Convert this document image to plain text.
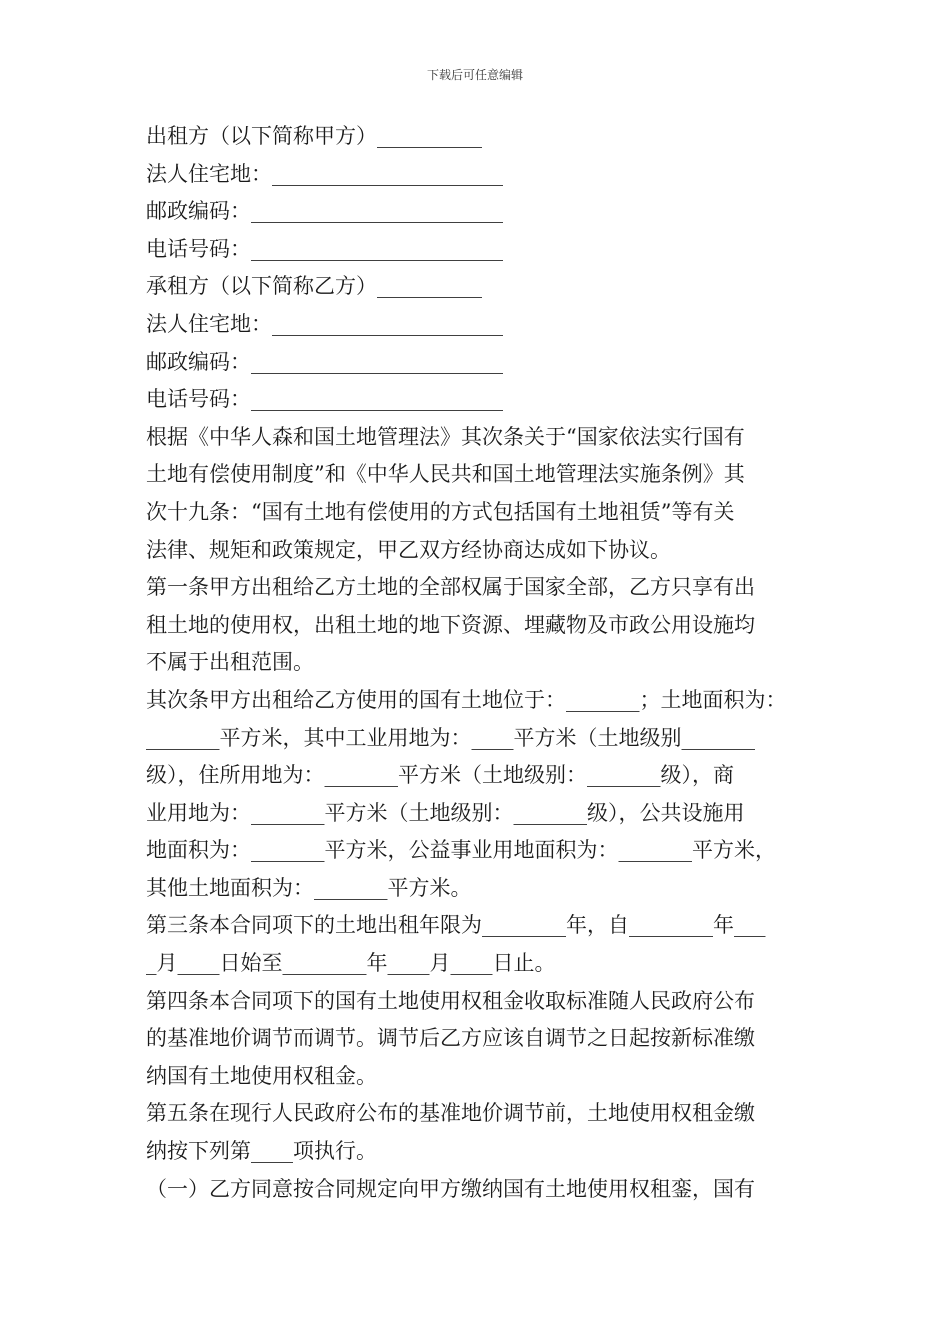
下载后可任意编辑

出租方（以下简称甲方）__________

法人住宅地：______________________

邮政编码：________________________

电话号码：________________________

承租方（以下简称乙方）__________

法人住宅地：______________________

邮政编码：________________________

电话号码：________________________

根据《中华人森和国土地管理法》其次条关于“国家依法实行国有
土地有偿使用制度”和《中华人民共和国土地管理法实施条例》其
次十九条：“国有土地有偿使用的方式包括国有土地祖赁”等有关
法律、规矩和政策规定，甲乙双方经协商达成如下协议。
第一条甲方出租给乙方土地的全部权属于国家全部，乙方只享有出
租土地的使用权，出租土地的地下资源、埋藏物及市政公用设施均
不属于出租范围。
其次条甲方出租给乙方使用的国有土地位于：_______；土地面积为：
_______平方米，其中工业用地为：____平方米（土地级别_______
级），住所用地为：_______平方米（土地级别：_______级），商
业用地为：_______平方米（土地级别：_______级），公共设施用
地面积为：_______平方米，公益事业用地面积为：_______平方米，
其他土地面积为：_______平方米。
第三条本合同项下的土地出租年限为________年，自________年___
_月____日始至________年____月____日止。
第四条本合同项下的国有土地使用权租金收取标准随人民政府公布
的基准地价调节而调节。调节后乙方应该自调节之日起按新标准缴
纳国有土地使用权租金。
第五条在现行人民政府公布的基准地价调节前，土地使用权租金缴
纳按下列第____项执行。
（一）乙方同意按合同规定向甲方缴纳国有土地使用权租銮，国有
